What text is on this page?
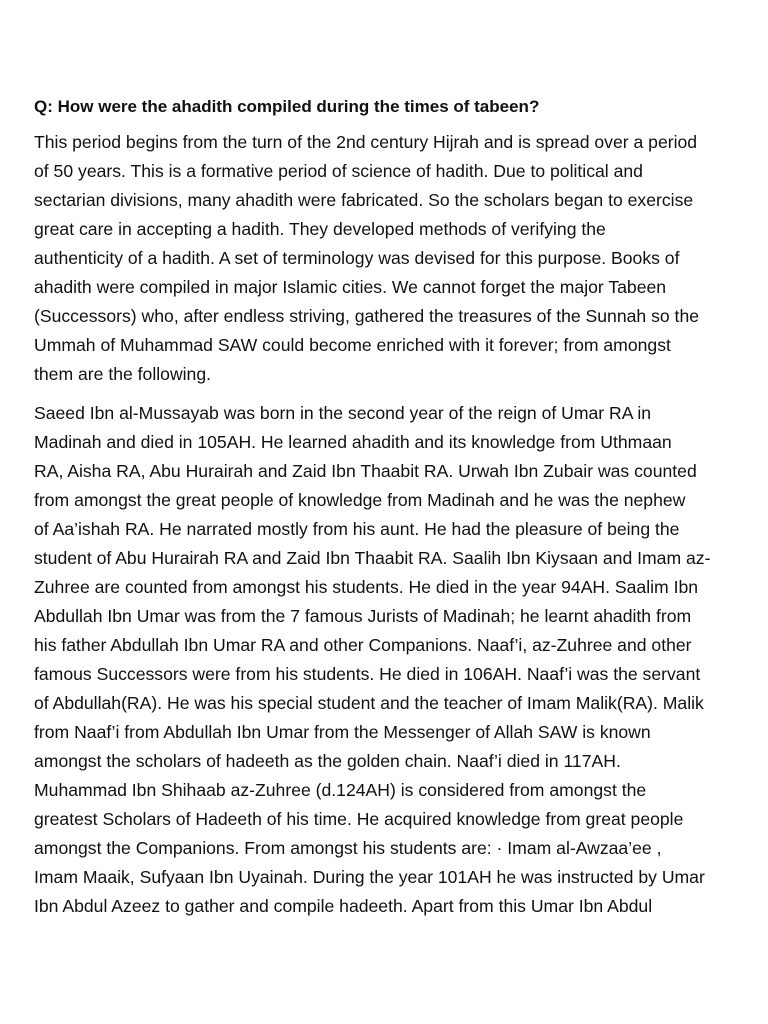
Q: How were the ahadith compiled during the times of tabeen?

This period begins from the turn of the 2nd century Hijrah and is spread over a period
of 50 years. This is a formative period of science of hadith. Due to political and
sectarian divisions, many ahadith were fabricated. So the scholars began to exercise
great care in accepting a hadith. They developed methods of verifying the
authenticity of a hadith. A set of terminology was devised for this purpose. Books of
ahadith were compiled in major Islamic cities. We cannot forget the major Tabeen
(Successors) who, after endless striving, gathered the treasures of the Sunnah so the
Ummah of Muhammad SAW could become enriched with it forever; from amongst
them are the following.

Saeed Ibn al-Mussayab was born in the second year of the reign of Umar RA in
Madinah and died in 105AH. He learned ahadith and its knowledge from Uthmaan
RA, Aisha RA, Abu Hurairah and Zaid Ibn Thaabit RA. Urwah Ibn Zubair was counted
from amongst the great people of knowledge from Madinah and he was the nephew
of Aa’ishah RA. He narrated mostly from his aunt. He had the pleasure of being the
student of Abu Hurairah RA and Zaid Ibn Thaabit RA. Saalih Ibn Kiysaan and Imam az-
Zuhree are counted from amongst his students. He died in the year 94AH. Saalim Ibn
Abdullah Ibn Umar was from the 7 famous Jurists of Madinah; he learnt ahadith from
his father Abdullah Ibn Umar RA and other Companions. Naaf’i, az-Zuhree and other
famous Successors were from his students. He died in 106AH. Naaf’i was the servant
of Abdullah(RA). He was his special student and the teacher of Imam Malik(RA). Malik
from Naaf’i from Abdullah Ibn Umar from the Messenger of Allah SAW is known
amongst the scholars of hadeeth as the golden chain. Naaf’i died in 117AH.
Muhammad Ibn Shihaab az-Zuhree (d.124AH) is considered from amongst the
greatest Scholars of Hadeeth of his time. He acquired knowledge from great people
amongst the Companions. From amongst his students are: · Imam al-Awzaa’ee ,
Imam Maaik, Sufyaan Ibn Uyainah. During the year 101AH he was instructed by Umar
Ibn Abdul Azeez to gather and compile hadeeth. Apart from this Umar Ibn Abdul
